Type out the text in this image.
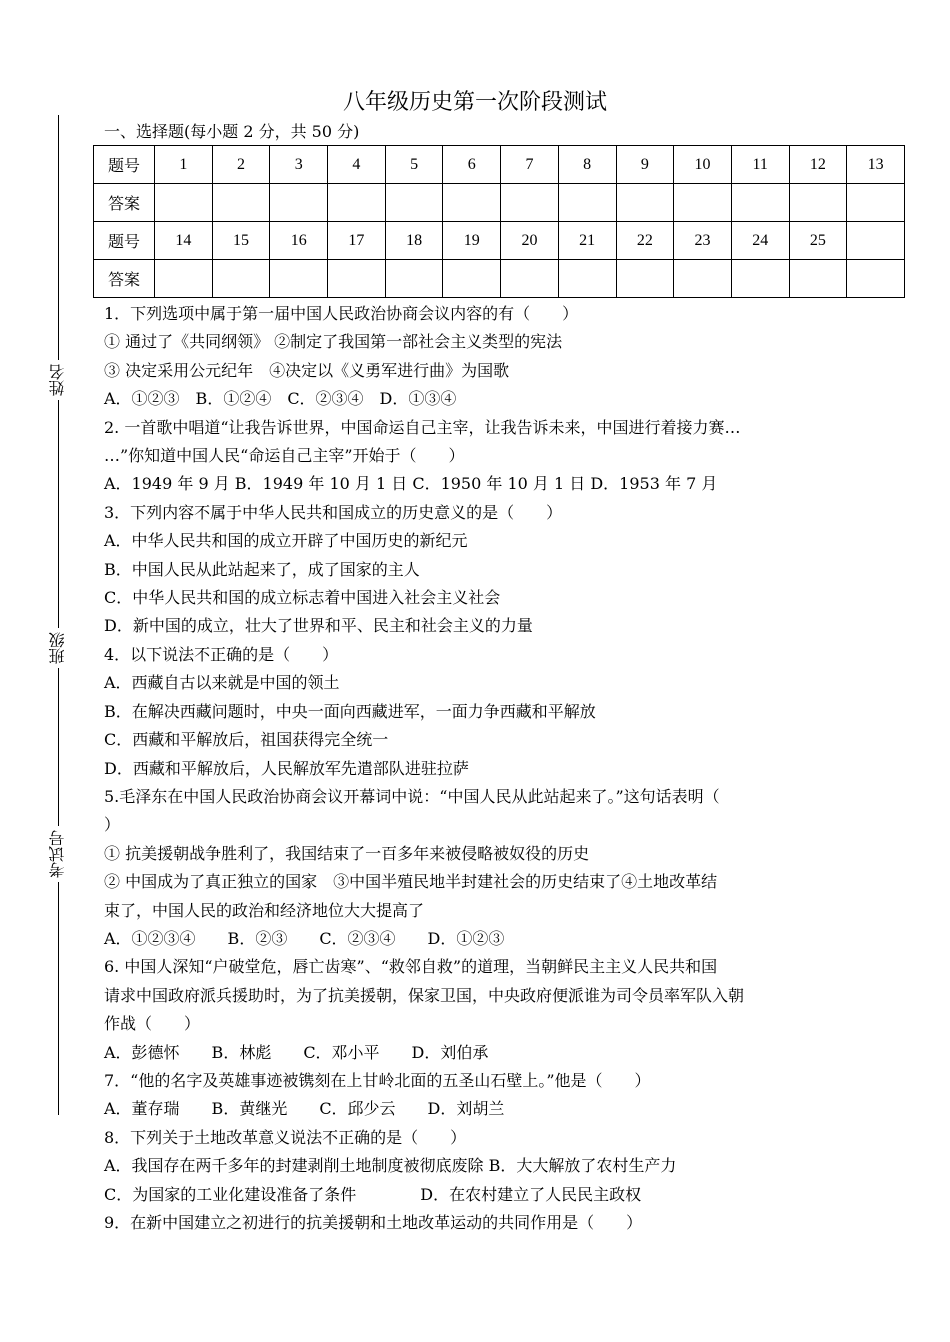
姓名
班级
考试号
八年级历史第一次阶段测试
一、选择题(每小题 2 分，共 50 分)
题号	1	2	3	4	5	6	7	8	9	10	11	12	13
答案													
题号	14	15	16	17	18	19	20	21	22	23	24	25	
答案													
1．下列选项中属于第一届中国人民政治协商会议内容的有（　　）
① 通过了《共同纲领》 ②制定了我国第一部社会主义类型的宪法
③ 决定采用公元纪年　④决定以《义勇军进行曲》为国歌
A．①②③　B．①②④　C．②③④　D．①③④
2. 一首歌中唱道“让我告诉世界，中国命运自己主宰，让我告诉未来，中国进行着接力赛…
…”你知道中国人民“命运自己主宰”开始于（　　）
A．1949 年 9 月 B．1949 年 10 月 1 日 C．1950 年 10 月 1 日 D．1953 年 7 月
3．下列内容不属于中华人民共和国成立的历史意义的是（　　）
A．中华人民共和国的成立开辟了中国历史的新纪元
B．中国人民从此站起来了，成了国家的主人
C．中华人民共和国的成立标志着中国进入社会主义社会
D．新中国的成立，壮大了世界和平、民主和社会主义的力量
4．以下说法不正确的是（　　）
A．西藏自古以来就是中国的领土
B．在解决西藏问题时，中央一面向西藏进军，一面力争西藏和平解放
C．西藏和平解放后，祖国获得完全统一
D．西藏和平解放后，人民解放军先遣部队进驻拉萨
5.毛泽东在中国人民政治协商会议开幕词中说：“中国人民从此站起来了。”这句话表明（
）
① 抗美援朝战争胜利了，我国结束了一百多年来被侵略被奴役的历史
② 中国成为了真正独立的国家　③中国半殖民地半封建社会的历史结束了④土地改革结
束了，中国人民的政治和经济地位大大提高了
A．①②③④　　B．②③　　C．②③④　　D．①②③
6. 中国人深知“户破堂危，唇亡齿寒”、“救邻自救”的道理，当朝鲜民主主义人民共和国
请求中国政府派兵援助时，为了抗美援朝，保家卫国，中央政府便派谁为司令员率军队入朝
作战（　　）
A．彭德怀　　B．林彪　　C．邓小平　　D．刘伯承
7．“他的名字及英雄事迹被镌刻在上甘岭北面的五圣山石壁上。”他是（　　）
A．董存瑞　　B．黄继光　　C．邱少云　　D．刘胡兰
8．下列关于土地改革意义说法不正确的是（　　）
A．我国存在两千多年的封建剥削土地制度被彻底废除 B．大大解放了农村生产力
C．为国家的工业化建设准备了条件　　　　D．在农村建立了人民民主政权
9．在新中国建立之初进行的抗美援朝和土地改革运动的共同作用是（　　）
